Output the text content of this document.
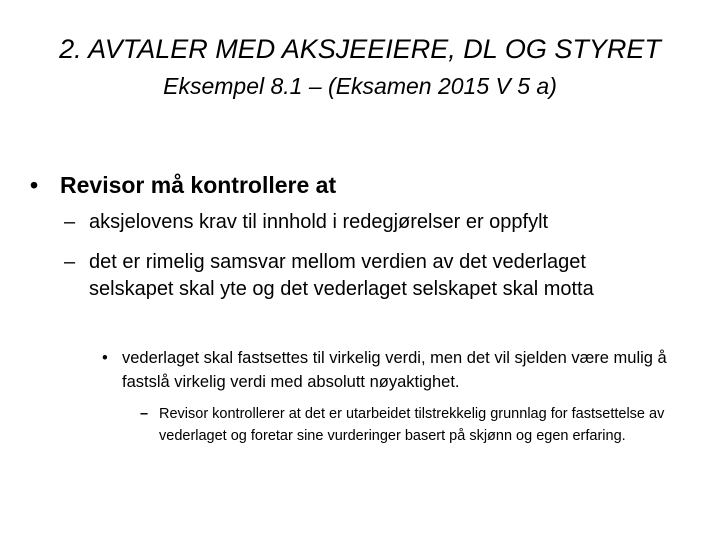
2. AVTALER MED AKSJEEIERE, DL OG STYRET
Eksempel 8.1 – (Eksamen 2015 V 5 a)
• Revisor må kontrollere at
– aksjelovens krav til innhold i redegjørelser er oppfylt
– det er rimelig samsvar mellom verdien av det vederlaget selskapet skal yte og det vederlaget selskapet skal motta
• vederlaget skal fastsettes til virkelig verdi, men det vil sjelden være mulig å fastslå virkelig verdi med absolutt nøyaktighet.
– Revisor kontrollerer at det er utarbeidet tilstrekkelig grunnlag for fastsettelse av vederlaget og foretar sine vurderinger basert på skjønn og egen erfaring.
